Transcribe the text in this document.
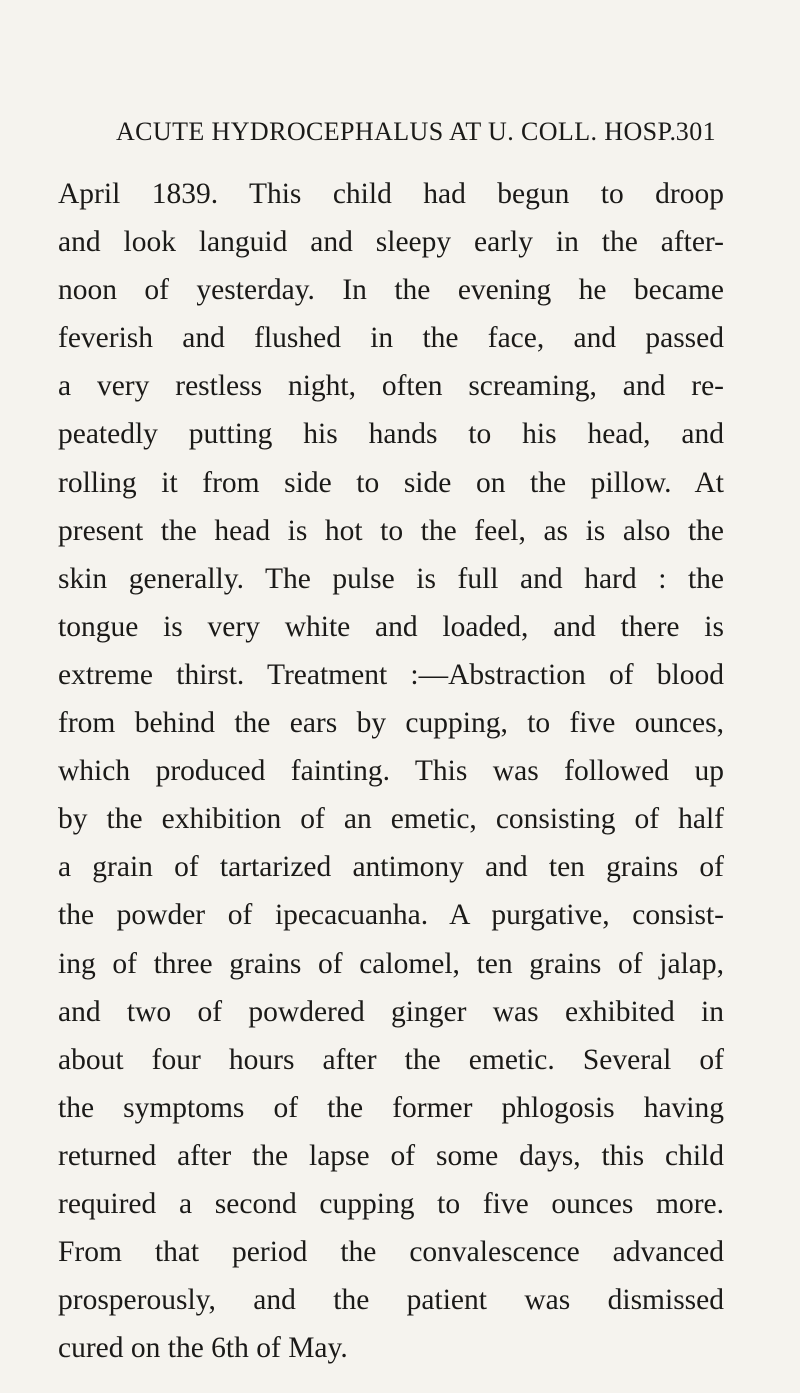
ACUTE HYDROCEPHALUS AT U. COLL. HOSP. 301
April 1839. This child had begun to droop
and look languid and sleepy early in the after-
noon of yesterday. In the evening he became
feverish and flushed in the face, and passed
a very restless night, often screaming, and re-
peatedly putting his hands to his head, and
rolling it from side to side on the pillow. At
present the head is hot to the feel, as is also the
skin generally. The pulse is full and hard : the
tongue is very white and loaded, and there is
extreme thirst. Treatment :—Abstraction of blood
from behind the ears by cupping, to five ounces,
which produced fainting. This was followed up
by the exhibition of an emetic, consisting of half
a grain of tartarized antimony and ten grains of
the powder of ipecacuanha. A purgative, consist-
ing of three grains of calomel, ten grains of jalap,
and two of powdered ginger was exhibited in
about four hours after the emetic. Several of
the symptoms of the former phlogosis having
returned after the lapse of some days, this child
required a second cupping to five ounces more.
From that period the convalescence advanced
prosperously, and the patient was dismissed
cured on the 6th of May.
